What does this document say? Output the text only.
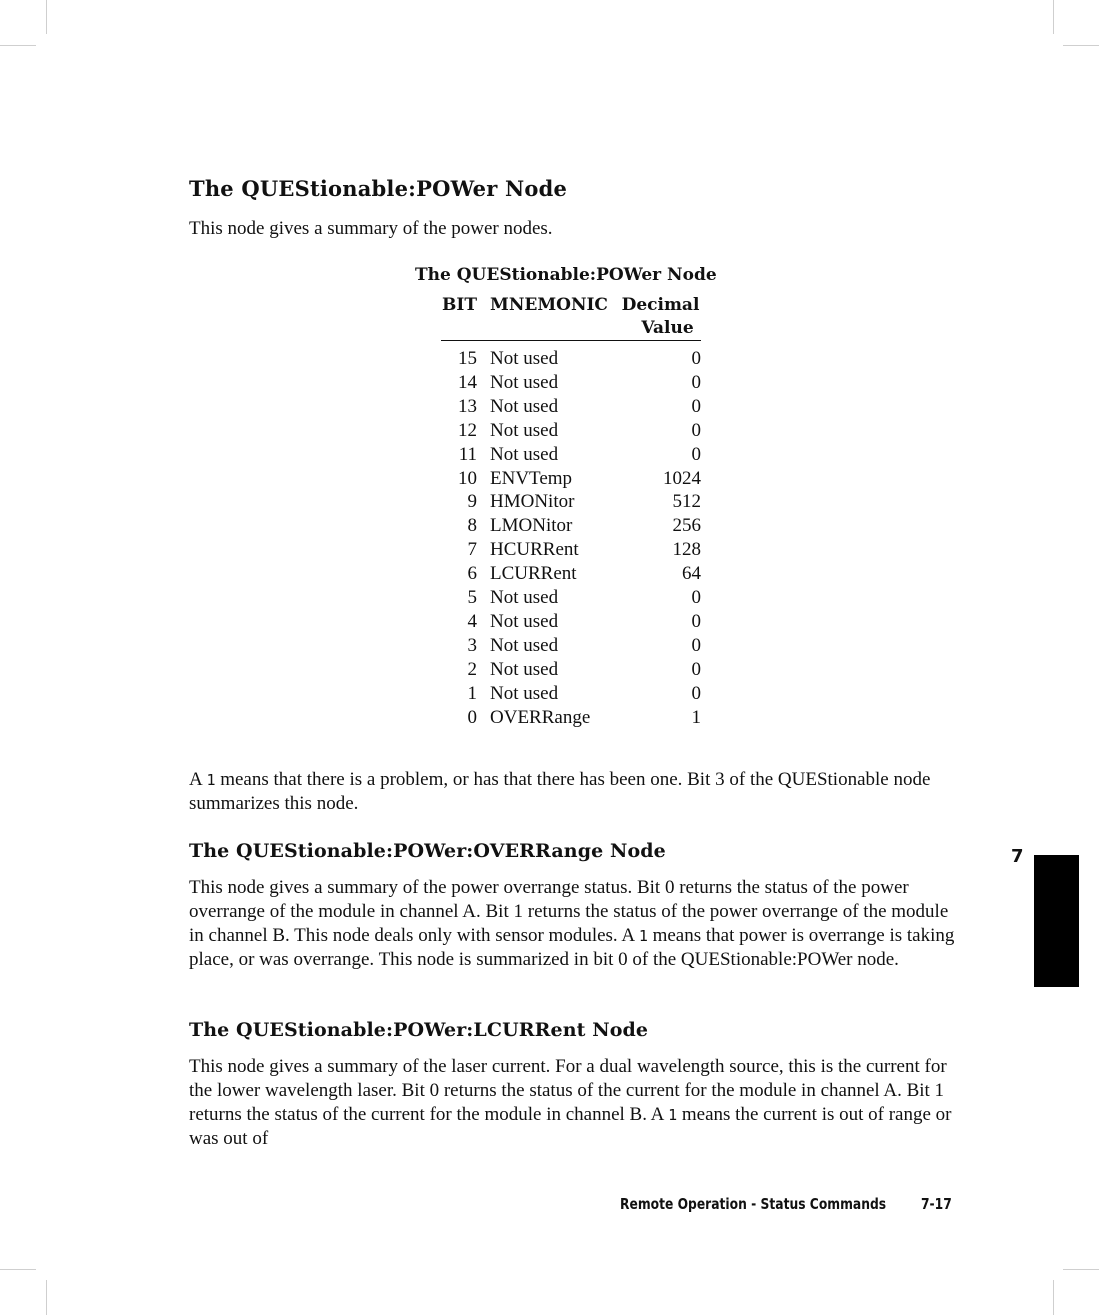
The QUEStionable:POWer Node

This node gives a summary of the power nodes.

The QUEStionable:POWer Node
BIT	MNEMONIC	Decimal
Value

15	Not used	0
14	Not used	0
13	Not used	0
12	Not used	0
11	Not used	0
10	ENVTemp	1024
9	HMONitor	512
8	LMONitor	256
7	HCURRent	128
6	LCURRent	64
5	Not used	0
4	Not used	0
3	Not used	0
2	Not used	0
1	Not used	0
0	OVERRange	1

A 1 means that there is a problem, or has that there has been one. Bit 3 of the QUEStionable node summarizes this node.

The QUEStionable:POWer:OVERRange Node

This node gives a summary of the power overrange status. Bit 0 returns the status of the power overrange of the module in channel A. Bit 1 returns the status of the power overrange of the module in channel B. This node deals only with sensor modules. A 1 means that power is overrange is taking place, or was overrange. This node is summarized in bit 0 of the QUEStionable:POWer node.

The QUEStionable:POWer:LCURRent Node

This node gives a summary of the laser current. For a dual wavelength source, this is the current for the lower wavelength laser. Bit 0 returns the status of the current for the module in channel A. Bit 1 returns the status of the current for the module in channel B. A 1 means the current is out of range or was out of

7
Remote Operation - Status Commands 7-17
